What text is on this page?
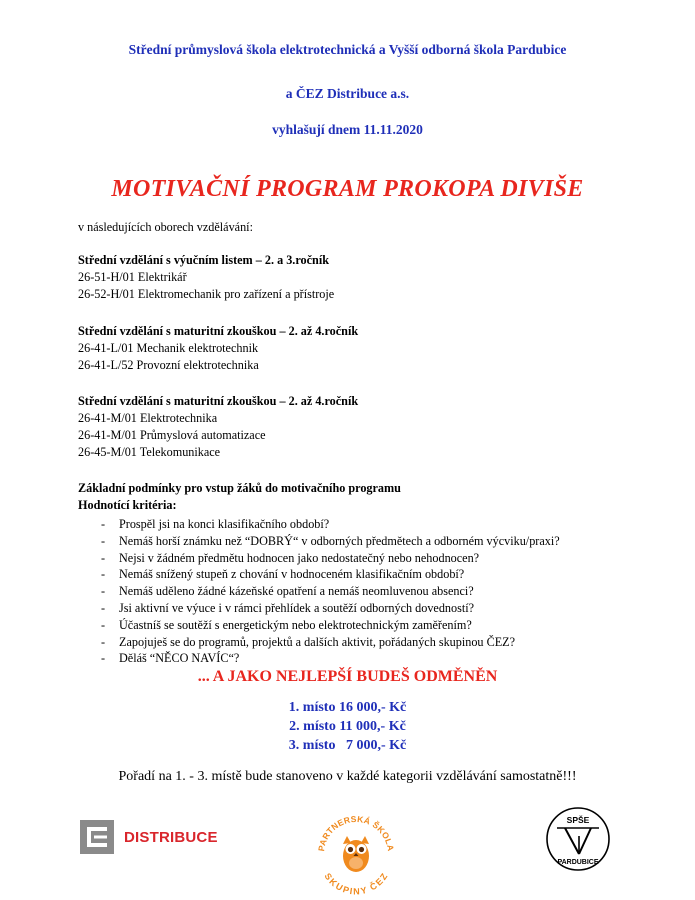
Střední průmyslová škola elektrotechnická a Vyšší odborná škola Pardubice
a ČEZ Distribuce a.s.
vyhlašují dnem 11.11.2020
MOTIVAČNÍ PROGRAM PROKOPA DIVIŠE
v následujících oborech vzdělávání:
Střední vzdělání s výučním listem – 2. a 3.ročník
26-51-H/01 Elektrikář
26-52-H/01 Elektromechanik pro zařízení a přístroje
Střední vzdělání s maturitní zkouškou – 2. až 4.ročník
26-41-L/01 Mechanik elektrotechnik
26-41-L/52 Provozní elektrotechnika
Střední vzdělání s maturitní zkouškou – 2. až 4.ročník
26-41-M/01 Elektrotechnika
26-41-M/01 Průmyslová automatizace
26-45-M/01 Telekomunikace
Základní podmínky pro vstup žáků do motivačního programu
Hodnotící kritéria:
- Prospěl jsi na konci klasifikačního období?
- Nemáš horší známku než “DOBRÝ“ v odborných předmětech a odborném výcviku/praxi?
- Nejsi v žádném předmětu hodnocen jako nedostatečný nebo nehodnocen?
- Nemáš snížený stupeň z chování v hodnoceném klasifikačním období?
- Nemáš uděleno žádné kázeňské opatření a nemáš neomluvenou absenci?
- Jsi aktivní ve výuce i v rámci přehlídek a soutěží odborných dovedností?
- Účastníš se soutěží s energetickým nebo elektrotechnickým zaměřením?
- Zapojuješ se do programů, projektů a dalších aktivit, pořádaných skupinou ČEZ?
- Děláš “NĚCO NAVÍC“?
... A JAKO NEJLEPŠÍ BUDEŠ ODMĚNĚN
1. místo 16 000,- Kč
2. místo 11 000,- Kč
3. místo   7 000,- Kč
Pořadí na 1. - 3. místě bude stanoveno v každé kategorii vzdělávání samostatně!!!
DISTRIBUCE
PARTNERSKÁ ŠKOLA
SKUPINY ČEZ
SPŠE
PARDUBICE
